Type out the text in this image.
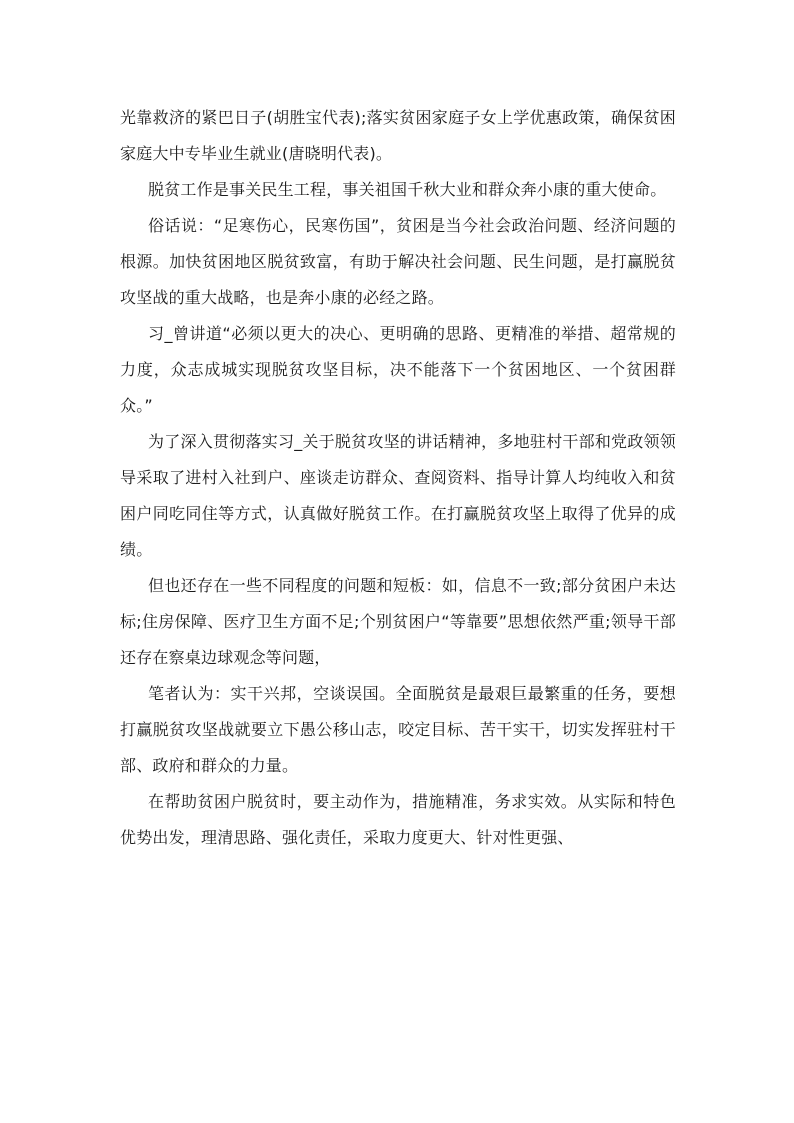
光靠救济的紧巴日子(胡胜宝代表);落实贫困家庭子女上学优惠政策，确保贫困家庭大中专毕业生就业(唐晓明代表)。

脱贫工作是事关民生工程，事关祖国千秋大业和群众奔小康的重大使命。

俗话说：“足寒伤心，民寒伤国”，贫困是当今社会政治问题、经济问题的根源。加快贫困地区脱贫致富，有助于解决社会问题、民生问题，是打赢脱贫攻坚战的重大战略，也是奔小康的必经之路。

习_曾讲道“必须以更大的决心、更明确的思路、更精准的举措、超常规的力度，众志成城实现脱贫攻坚目标，决不能落下一个贫困地区、一个贫困群众。”

为了深入贯彻落实习_关于脱贫攻坚的讲话精神，多地驻村干部和党政领领导采取了进村入社到户、座谈走访群众、查阅资料、指导计算人均纯收入和贫困户同吃同住等方式，认真做好脱贫工作。在打赢脱贫攻坚上取得了优异的成绩。

但也还存在一些不同程度的问题和短板：如，信息不一致;部分贫困户未达标;住房保障、医疗卫生方面不足;个别贫困户“等靠要”思想依然严重;领导干部还存在察桌边球观念等问题，

笔者认为：实干兴邦，空谈误国。全面脱贫是最艰巨最繁重的任务，要想打赢脱贫攻坚战就要立下愚公移山志，咬定目标、苦干实干，切实发挥驻村干部、政府和群众的力量。

在帮助贫困户脱贫时，要主动作为，措施精准，务求实效。从实际和特色优势出发，理清思路、强化责任，采取力度更大、针对性更强、
